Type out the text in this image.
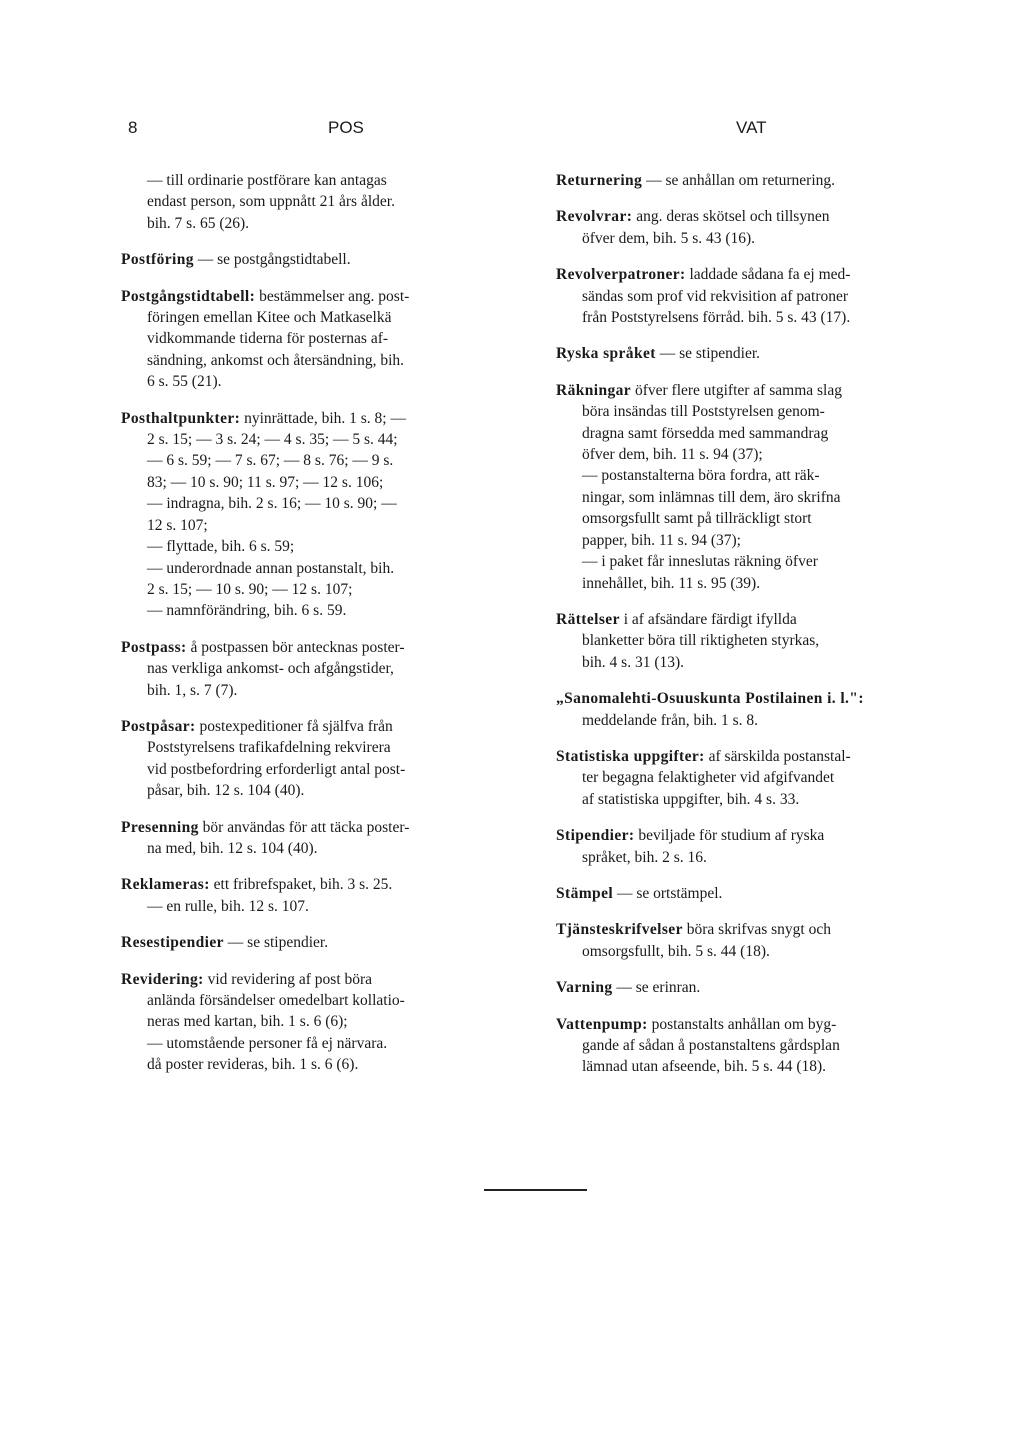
8	POS	VAT
— till ordinarie postförare kan antagas
endast person, som uppnått 21 års ålder.
bih. 7 s. 65 (26).
Postföring — se postgångstidtabell.
Postgångstidtabell: bestämmelser ang. post-
föringen emellan Kitee och Matkaselkä
vidkommande tiderna för posternas af-
sändning, ankomst och återsändning, bih.
6 s. 55 (21).
Posthaltpunkter: nyinrättade, bih. 1 s. 8; —
2 s. 15; — 3 s. 24; — 4 s. 35; — 5 s. 44;
— 6 s. 59; — 7 s. 67; — 8 s. 76; — 9 s.
83; — 10 s. 90; 11 s. 97; — 12 s. 106;
— indragna, bih. 2 s. 16; — 10 s. 90; —
12 s. 107;
— flyttade, bih. 6 s. 59;
— underordnade annan postanstalt, bih.
2 s. 15; — 10 s. 90; — 12 s. 107;
— namnförändring, bih. 6 s. 59.
Postpass: å postpassen bör antecknas poster-
nas verkliga ankomst- och afgångstider,
bih. 1, s. 7 (7).
Postpåsar: postexpeditioner få själfva från
Poststyrelsens trafikafdelning rekvirera
vid postbefordring erforderligt antal post-
påsar, bih. 12 s. 104 (40).
Presenning bör användas för att täcka poster-
na med, bih. 12 s. 104 (40).
Reklameras: ett fribrefspaket, bih. 3 s. 25.
— en rulle, bih. 12 s. 107.
Resestipendier — se stipendier.
Revidering: vid revidering af post böra
anlända försändelser omedelbart kollatio-
neras med kartan, bih. 1 s. 6 (6);
— utomstående personer få ej närvara.
då poster revideras, bih. 1 s. 6 (6).
Returnering — se anhållan om returnering.
Revolvrar: ang. deras skötsel och tillsynen
öfver dem, bih. 5 s. 43 (16).
Revolverpatroner: laddade sådana fa ej med-
sändas som prof vid rekvisition af patroner
från Poststyrelsens förråd. bih. 5 s. 43 (17).
Ryska språket — se stipendier.
Räkningar öfver flere utgifter af samma slag
böra insändas till Poststyrelsen genom-
dragna samt försedda med sammandrag
öfver dem, bih. 11 s. 94 (37);
— postanstalterna böra fordra, att räk-
ningar, som inlämnas till dem, äro skrifna
omsorgsfullt samt på tillräckligt stort
papper, bih. 11 s. 94 (37);
— i paket får inneslutas räkning öfver
innehållet, bih. 11 s. 95 (39).
Rättelser i af afsändare färdigt ifyllda
blanketter böra till riktigheten styrkas,
bih. 4 s. 31 (13).
„Sanomalehti-Osuuskunta Postilainen i. l.":
meddelande från, bih. 1 s. 8.
Statistiska uppgifter: af särskilda postanstal-
ter begagna felaktigheter vid afgifvandet
af statistiska uppgifter, bih. 4 s. 33.
Stipendier: beviljade för studium af ryska
språket, bih. 2 s. 16.
Stämpel — se ortstämpel.
Tjänsteskrifvelser böra skrifvas snygt och
omsorgsfullt, bih. 5 s. 44 (18).
Varning — se erinran.
Vattenpump: postanstalts anhållan om byg-
gande af sådan å postanstaltens gårdsplan
lämnad utan afseende, bih. 5 s. 44 (18).
